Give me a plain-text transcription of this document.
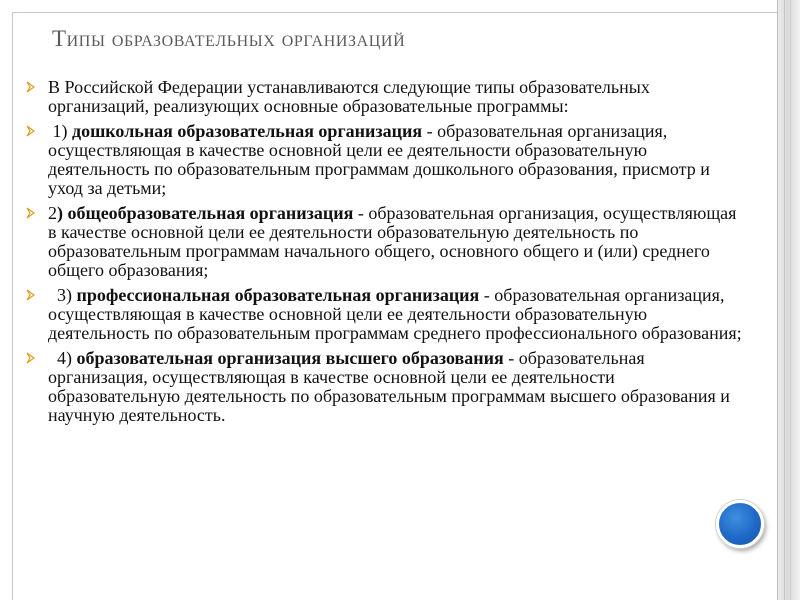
Типы образовательных организаций
В Российской Федерации устанавливаются следующие типы образовательных организаций, реализующих основные образовательные программы:
1) дошкольная образовательная организация - образовательная организация, осуществляющая в качестве основной цели ее деятельности образовательную деятельность по образовательным программам дошкольного образования, присмотр и уход за детьми;
2) общеобразовательная организация - образовательная организация, осуществляющая в качестве основной цели ее деятельности образовательную деятельность по образовательным программам начального общего, основного общего и (или) среднего общего образования;
3) профессиональная образовательная организация - образовательная организация, осуществляющая в качестве основной цели ее деятельности образовательную деятельность по образовательным программам среднего профессионального образования;
4) образовательная организация высшего образования - образовательная организация, осуществляющая в качестве основной цели ее деятельности образовательную деятельность по образовательным программам высшего образования и научную деятельность.
